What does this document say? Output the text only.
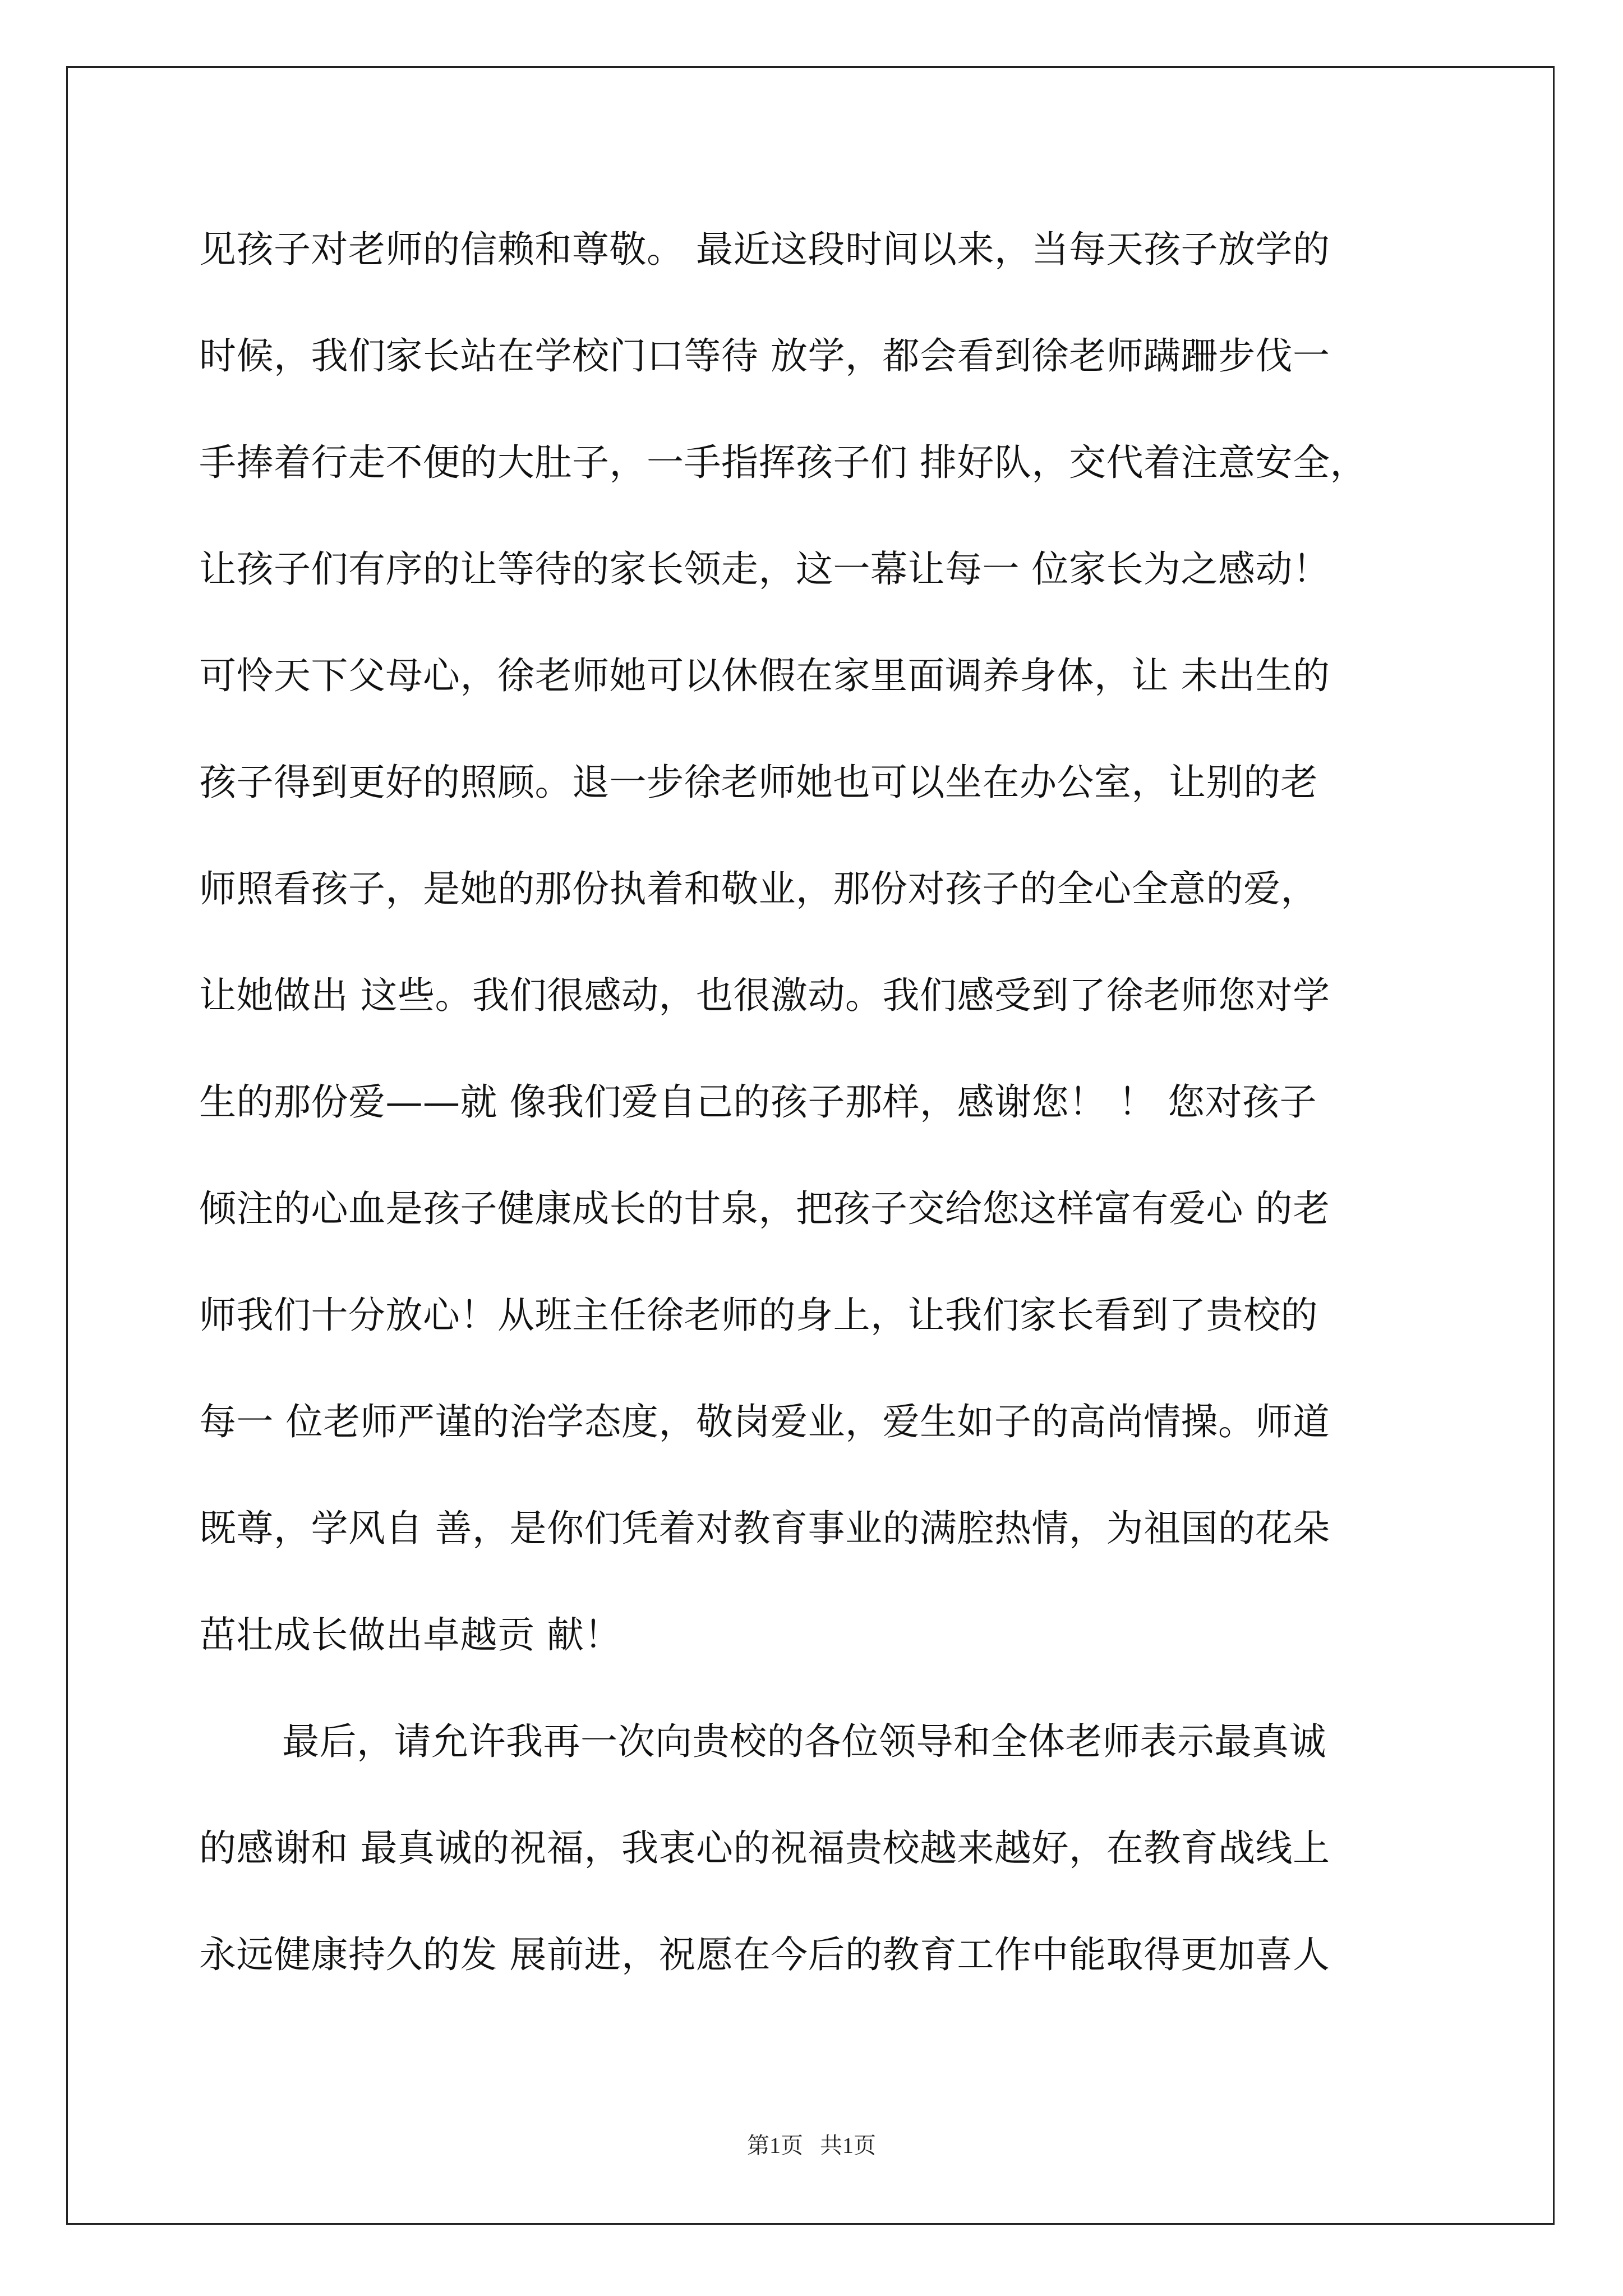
见孩子对老师的信赖和尊敬。 最近这段时间以来，当每天孩子放学的
时候，我们家长站在学校门口等待 放学，都会看到徐老师蹒跚步伐一
手捧着行走不便的大肚子，一手指挥孩子们 排好队，交代着注意安全，
让孩子们有序的让等待的家长领走，这一幕让每一 位家长为之感动！
可怜天下父母心，徐老师她可以休假在家里面调养身体，让 未出生的
孩子得到更好的照顾。退一步徐老师她也可以坐在办公室，让别的老
师照看孩子，是她的那份执着和敬业，那份对孩子的全心全意的爱，
让她做出 这些。我们很感动，也很激动。我们感受到了徐老师您对学
生的那份爱——就 像我们爱自己的孩子那样，感谢您！ ！ 您对孩子
倾注的心血是孩子健康成长的甘泉，把孩子交给您这样富有爱心 的老
师我们十分放心！从班主任徐老师的身上，让我们家长看到了贵校的
每一 位老师严谨的治学态度，敬岗爱业，爱生如子的高尚情操。师道
既尊，学风自 善，是你们凭着对教育事业的满腔热情，为祖国的花朵
茁壮成长做出卓越贡 献！
最后，请允许我再一次向贵校的各位领导和全体老师表示最真诚
的感谢和 最真诚的祝福，我衷心的祝福贵校越来越好，在教育战线上
永远健康持久的发 展前进，祝愿在今后的教育工作中能取得更加喜人
第1页   共1页
